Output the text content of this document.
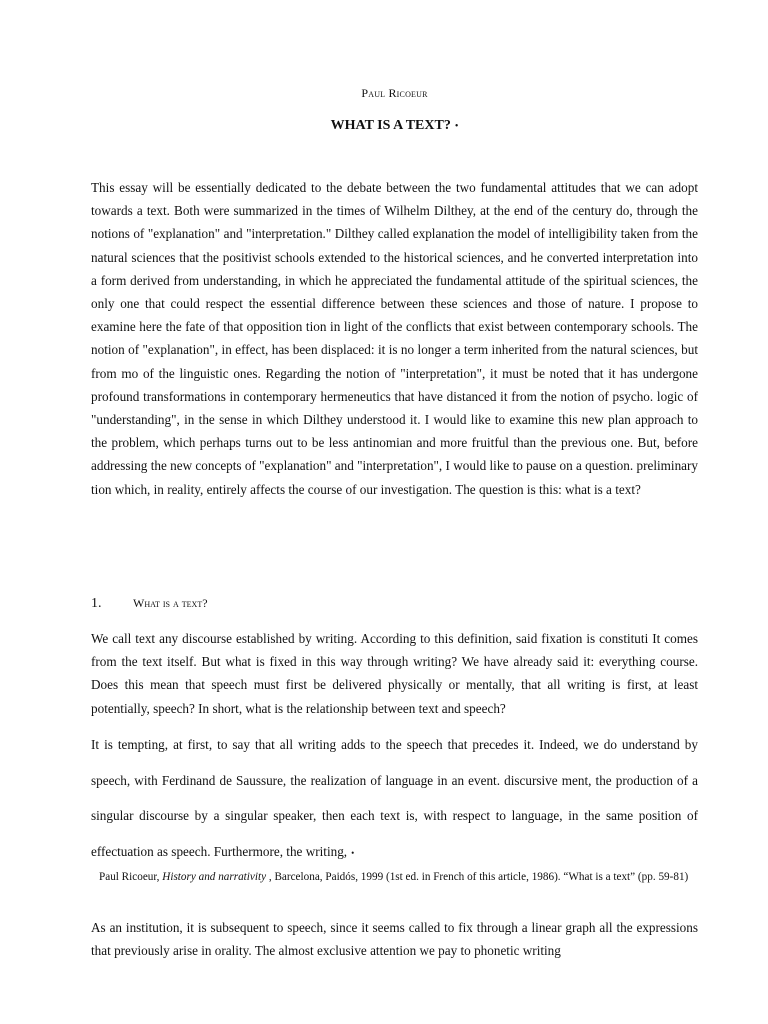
Paul Ricoeur
WHAT IS A TEXT? •

This essay will be essentially dedicated to the debate between the two fundamental attitudes that we can adopt towards a text. Both were summarized in the times of Wilhelm Dilthey, at the end of the century do, through the notions of "explanation" and "interpretation." Dilthey called explanation the model of intelligibility taken from the natural sciences that the positivist schools extended to the historical sciences, and he converted interpretation into a form derived from understanding, in which he appreciated the fundamental attitude of the spiritual sciences, the only one that could respect the essential difference between these sciences and those of nature. I propose to examine here the fate of that opposition tion in light of the conflicts that exist between contemporary schools. The notion of "explanation", in effect, has been displaced: it is no longer a term inherited from the natural sciences, but from mo of the linguistic ones. Regarding the notion of "interpretation", it must be noted that it has undergone profound transformations in contemporary hermeneutics that have distanced it from the notion of psycho. logic of "understanding", in the sense in which Dilthey understood it. I would like to examine this new plan approach to the problem, which perhaps turns out to be less antinomian and more fruitful than the previous one. But, before addressing the new concepts of "explanation" and "interpretation", I would like to pause on a question. preliminary tion which, in reality, entirely affects the course of our investigation. The question is this: what is a text?

1.	What is a text?

We call text any discourse established by writing. According to this definition, said fixation is constituti It comes from the text itself. But what is fixed in this way through writing? We have already said it: everything course. Does this mean that speech must first be delivered physically or mentally, that all writing is first, at least potentially, speech? In short, what is the relationship between text and speech?

It is tempting, at first, to say that all writing adds to the speech that precedes it. Indeed, we do understand by speech, with Ferdinand de Saussure, the realization of language in an event. discursive ment, the production of a singular discourse by a singular speaker, then each text is, with respect to language, in the same position of effectuation as speech. Furthermore, the writing, •

Paul Ricoeur, History and narrativity , Barcelona, Paidós, 1999 (1st ed. in French of this article, 1986). “What is a text” (pp. 59-81)

As an institution, it is subsequent to speech, since it seems called to fix through a linear graph all the expressions that previously arise in orality. The almost exclusive attention we pay to phonetic writing
